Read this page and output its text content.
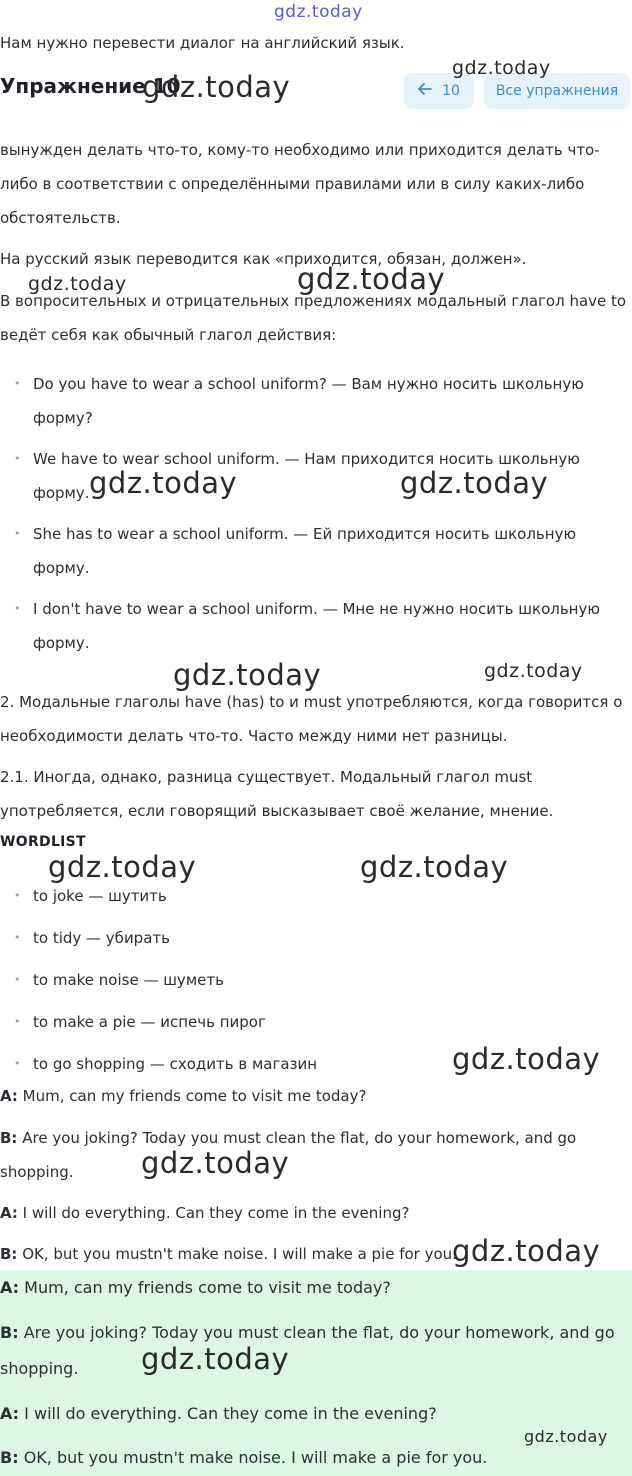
gdz.today

Нам нужно перевести диалог на английский язык.

Упражнение 10	10	Все упражнения

вынужден делать что-то, кому-то необходимо или приходится делать что-либо в соответствии с определёнными правилами или в силу каких-либо обстоятельств.

На русский язык переводится как «приходится, обязан, должен».

В вопросительных и отрицательных предложениях модальный глагол have to ведёт себя как обычный глагол действия:

• Do you have to wear a school uniform? — Вам нужно носить школьную форму?
• We have to wear school uniform. — Нам приходится носить школьную форму.
• She has to wear a school uniform. — Ей приходится носить школьную форму.
• I don't have to wear a school uniform. — Мне не нужно носить школьную форму.

2. Модальные глаголы have (has) to и must употребляются, когда говорится о необходимости делать что-то. Часто между ними нет разницы.

2.1. Иногда, однако, разница существует. Модальный глагол must употребляется, если говорящий высказывает своё желание, мнение.

WORDLIST
• to joke — шутить
• to tidy — убирать
• to make noise — шуметь
• to make a pie — испечь пирог
• to go shopping — сходить в магазин

A: Mum, can my friends come to visit me today?

B: Are you joking? Today you must clean the flat, do your homework, and go shopping.

A: I will do everything. Can they come in the evening?

B: OK, but you mustn't make noise. I will make a pie for you.

A: Mum, can my friends come to visit me today?

B: Are you joking? Today you must clean the flat, do your homework, and go shopping.

A: I will do everything. Can they come in the evening?

B: OK, but you mustn't make noise. I will make a pie for you.

gdz.today
gdz.today
gdz.today	gdz.today
gdz.today	gdz.today
gdz.today	gdz.today
gdz.today	gdz.today
gdz.today
gdz.today
gdz.today
gdz.today
gdz.today
